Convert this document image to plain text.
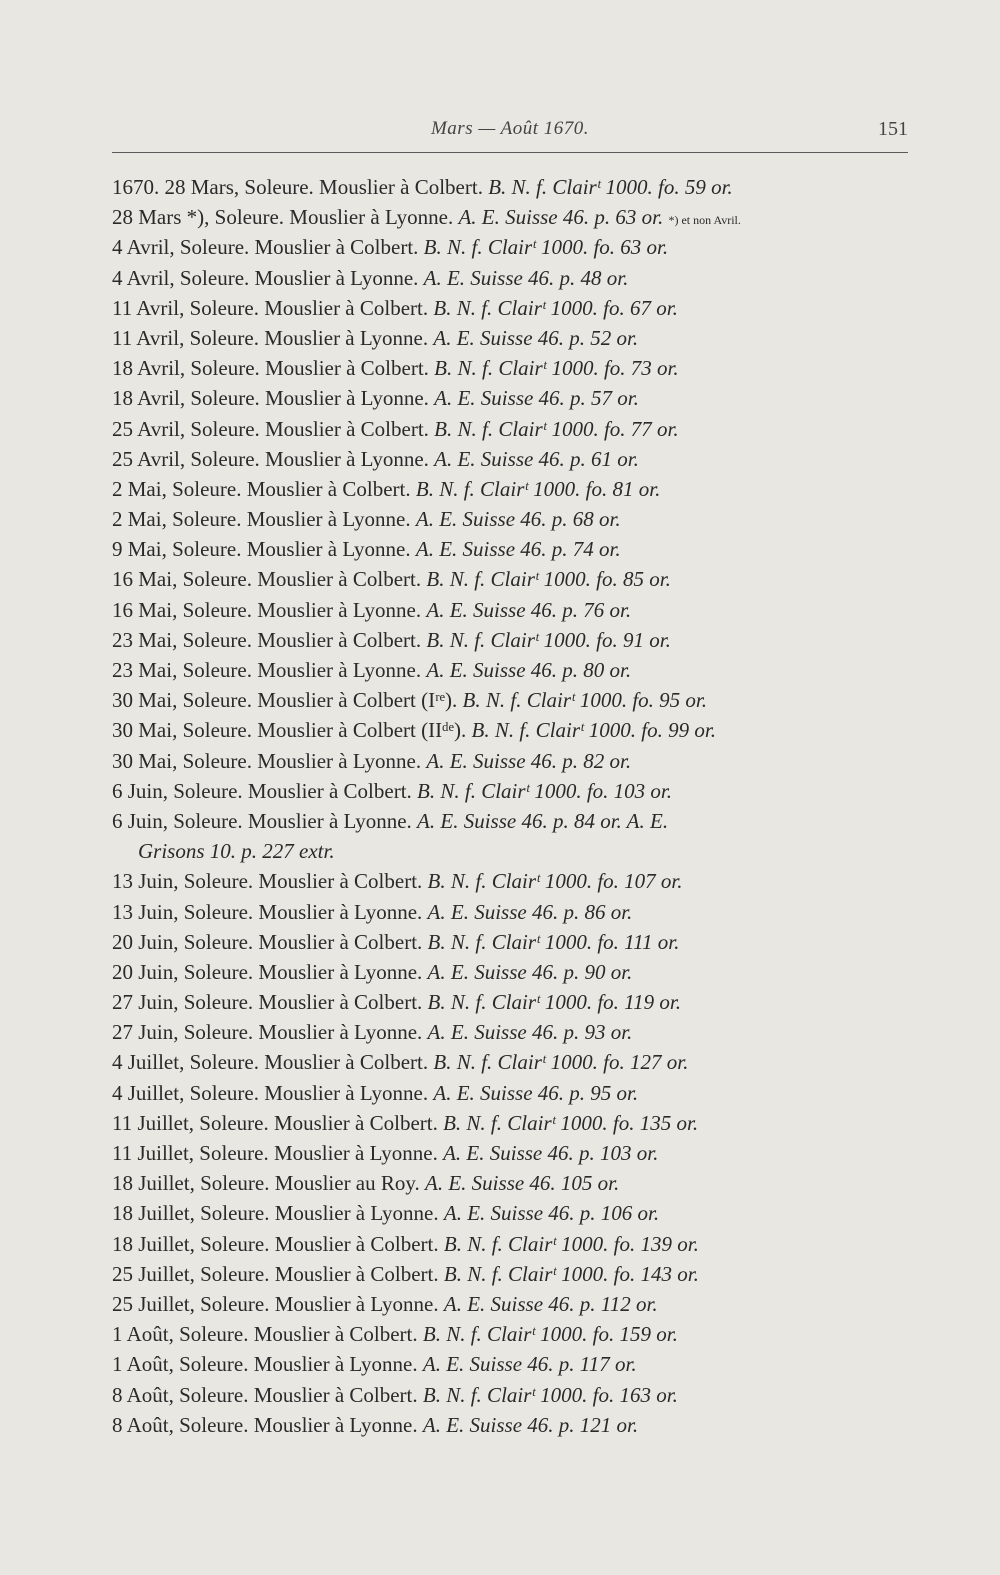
Mars — Août 1670.	151
1670. 28 Mars, Soleure. Mouslier à Colbert. B. N. f. Clairᵗ 1000. fo. 59 or.
28 Mars *), Soleure. Mouslier à Lyonne. A. E. Suisse 46. p. 63 or. *) et non Avril.
4 Avril, Soleure. Mouslier à Colbert. B. N. f. Clairᵗ 1000. fo. 63 or.
4 Avril, Soleure. Mouslier à Lyonne. A. E. Suisse 46. p. 48 or.
11 Avril, Soleure. Mouslier à Colbert. B. N. f. Clairᵗ 1000. fo. 67 or.
11 Avril, Soleure. Mouslier à Lyonne. A. E. Suisse 46. p. 52 or.
18 Avril, Soleure. Mouslier à Colbert. B. N. f. Clairᵗ 1000. fo. 73 or.
18 Avril, Soleure. Mouslier à Lyonne. A. E. Suisse 46. p. 57 or.
25 Avril, Soleure. Mouslier à Colbert. B. N. f. Clairᵗ 1000. fo. 77 or.
25 Avril, Soleure. Mouslier à Lyonne. A. E. Suisse 46. p. 61 or.
2 Mai, Soleure. Mouslier à Colbert. B. N. f. Clairᵗ 1000. fo. 81 or.
2 Mai, Soleure. Mouslier à Lyonne. A. E. Suisse 46. p. 68 or.
9 Mai, Soleure. Mouslier à Lyonne. A. E. Suisse 46. p. 74 or.
16 Mai, Soleure. Mouslier à Colbert. B. N. f. Clairᵗ 1000. fo. 85 or.
16 Mai, Soleure. Mouslier à Lyonne. A. E. Suisse 46. p. 76 or.
23 Mai, Soleure. Mouslier à Colbert. B. N. f. Clairᵗ 1000. fo. 91 or.
23 Mai, Soleure. Mouslier à Lyonne. A. E. Suisse 46. p. 80 or.
30 Mai, Soleure. Mouslier à Colbert (Iʳᵉ). B. N. f. Clairᵗ 1000. fo. 95 or.
30 Mai, Soleure. Mouslier à Colbert (IIᵈᵉ). B. N. f. Clairᵗ 1000. fo. 99 or.
30 Mai, Soleure. Mouslier à Lyonne. A. E. Suisse 46. p. 82 or.
6 Juin, Soleure. Mouslier à Colbert. B. N. f. Clairᵗ 1000. fo. 103 or.
6 Juin, Soleure. Mouslier à Lyonne. A. E. Suisse 46. p. 84 or. A. E.
Grisons 10. p. 227 extr.
13 Juin, Soleure. Mouslier à Colbert. B. N. f. Clairᵗ 1000. fo. 107 or.
13 Juin, Soleure. Mouslier à Lyonne. A. E. Suisse 46. p. 86 or.
20 Juin, Soleure. Mouslier à Colbert. B. N. f. Clairᵗ 1000. fo. 111 or.
20 Juin, Soleure. Mouslier à Lyonne. A. E. Suisse 46. p. 90 or.
27 Juin, Soleure. Mouslier à Colbert. B. N. f. Clairᵗ 1000. fo. 119 or.
27 Juin, Soleure. Mouslier à Lyonne. A. E. Suisse 46. p. 93 or.
4 Juillet, Soleure. Mouslier à Colbert. B. N. f. Clairᵗ 1000. fo. 127 or.
4 Juillet, Soleure. Mouslier à Lyonne. A. E. Suisse 46. p. 95 or.
11 Juillet, Soleure. Mouslier à Colbert. B. N. f. Clairᵗ 1000. fo. 135 or.
11 Juillet, Soleure. Mouslier à Lyonne. A. E. Suisse 46. p. 103 or.
18 Juillet, Soleure. Mouslier au Roy. A. E. Suisse 46. 105 or.
18 Juillet, Soleure. Mouslier à Lyonne. A. E. Suisse 46. p. 106 or.
18 Juillet, Soleure. Mouslier à Colbert. B. N. f. Clairᵗ 1000. fo. 139 or.
25 Juillet, Soleure. Mouslier à Colbert. B. N. f. Clairᵗ 1000. fo. 143 or.
25 Juillet, Soleure. Mouslier à Lyonne. A. E. Suisse 46. p. 112 or.
1 Août, Soleure. Mouslier à Colbert. B. N. f. Clairᵗ 1000. fo. 159 or.
1 Août, Soleure. Mouslier à Lyonne. A. E. Suisse 46. p. 117 or.
8 Août, Soleure. Mouslier à Colbert. B. N. f. Clairᵗ 1000. fo. 163 or.
8 Août, Soleure. Mouslier à Lyonne. A. E. Suisse 46. p. 121 or.
